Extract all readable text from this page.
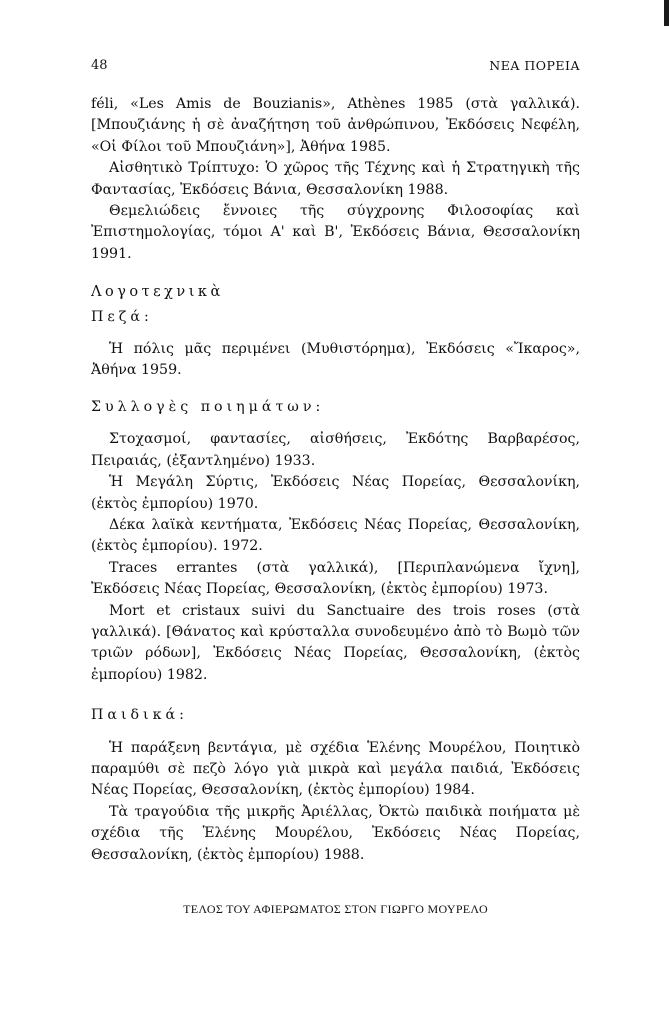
48	ΝΕΑ ΠΟΡΕΙΑ

féli, «Les Amis de Bouzianis», Athènes 1985 (στὰ γαλλικά). [Μπουζιάνης ἡ σὲ ἀναζήτηση τοῦ ἀνθρώπινου, Ἐκδόσεις Νεφέλη, «Οἱ Φίλοι τοῦ Μπουζιάνη»], Ἀθήνα 1985.

Αἰσθητικὸ Τρίπτυχο: Ὁ χῶρος τῆς Τέχνης καὶ ἡ Στρατηγικὴ τῆς Φαντασίας, Ἐκδόσεις Βάνια, Θεσσαλονίκη 1988.

Θεμελιώδεις ἔννοιες τῆς σύγχρονης Φιλοσοφίας καὶ Ἐπιστημολογίας, τόμοι Α' καὶ Β', Ἐκδόσεις Βάνια, Θεσσαλονίκη 1991.

Λογοτεχνικὰ

Πεζά:

Ἡ πόλις μᾶς περιμένει (Μυθιστόρημα), Ἐκδόσεις «Ἴκαρος», Ἀθήνα 1959.

Συλλογὲς ποιημάτων:

Στοχασμοί, φαντασίες, αἰσθήσεις, Ἐκδότης Βαρβαρέσος, Πειραιάς, (ἐξαντλημένο) 1933.

Ἡ Μεγάλη Σύρτις, Ἐκδόσεις Νέας Πορείας, Θεσσαλονίκη, (ἐκτὸς ἐμπορίου) 1970.

Δέκα λαϊκὰ κεντήματα, Ἐκδόσεις Νέας Πορείας, Θεσσαλονίκη, (ἐκτὸς ἐμπορίου). 1972.

Traces errantes (στὰ γαλλικά), [Περιπλανώμενα ἴχνη], Ἐκδόσεις Νέας Πορείας, Θεσσαλονίκη, (ἐκτὸς ἐμπορίου) 1973.

Mort et cristaux suivi du Sanctuaire des trois roses (στὰ γαλλικά). [Θάνατος καὶ κρύσταλλα συνοδευμένο ἀπὸ τὸ Βωμὸ τῶν τριῶν ρόδων], Ἐκδόσεις Νέας Πορείας, Θεσσαλονίκη, (ἐκτὸς ἐμπορίου) 1982.

Παιδικά:

Ἡ παράξενη βεντάγια, μὲ σχέδια Ἑλένης Μουρέλου, Ποιητικὸ παραμύθι σὲ πεζὸ λόγο γιὰ μικρὰ καὶ μεγάλα παιδιά, Ἐκδόσεις Νέας Πορείας, Θεσσαλονίκη, (ἐκτὸς ἐμπορίου) 1984.

Τὰ τραγούδια τῆς μικρῆς Ἀριέλλας, Ὀκτὼ παιδικὰ ποιήματα μὲ σχέδια τῆς Ἑλένης Μουρέλου, Ἐκδόσεις Νέας Πορείας, Θεσσαλονίκη, (ἐκτὸς ἐμπορίου) 1988.

ΤΕΛΟΣ ΤΟΥ ΑΦΙΕΡΩΜΑΤΟΣ ΣΤΟΝ ΓΙΩΡΓΟ ΜΟΥΡΕΛΟ
